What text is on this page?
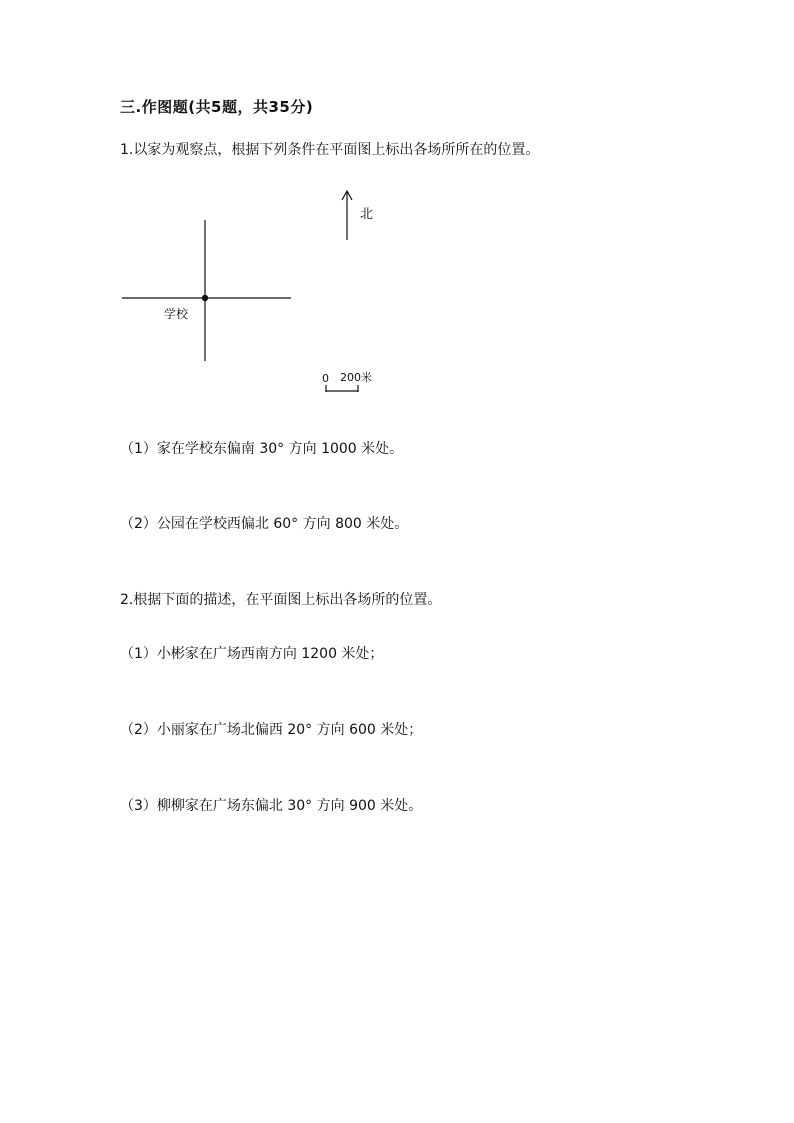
三.作图题(共5题，共35分)
1.以家为观察点，根据下列条件在平面图上标出各场所所在的位置。
北
学校
0 200米
（1）家在学校东偏南 30° 方向 1000 米处。
（2）公园在学校西偏北 60° 方向 800 米处。
2.根据下面的描述，在平面图上标出各场所的位置。
（1）小彬家在广场西南方向 1200 米处；
（2）小丽家在广场北偏西 20° 方向 600 米处；
（3）柳柳家在广场东偏北 30° 方向 900 米处。
